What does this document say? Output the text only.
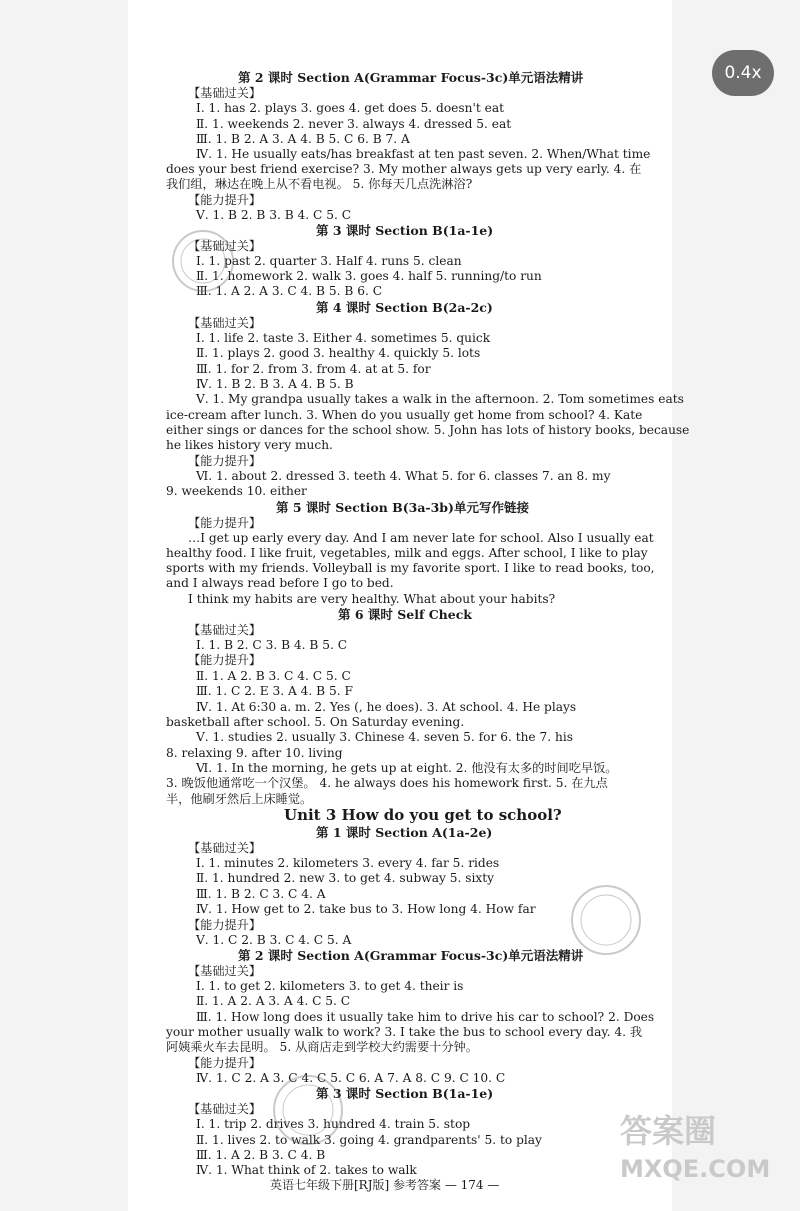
第 2 课时 Section A(Grammar Focus-3c)单元语法精讲
【基础过关】
Ⅰ. 1. has 2. plays 3. goes 4. get does 5. doesn't eat
Ⅱ. 1. weekends 2. never 3. always 4. dressed 5. eat
Ⅲ. 1. B 2. A 3. A 4. B 5. C 6. B 7. A
Ⅳ. 1. He usually eats/has breakfast at ten past seven. 2. When/What time
does your best friend exercise? 3. My mother always gets up very early. 4. 在
我们组，琳达在晚上从不看电视。 5. 你每天几点洗淋浴?
【能力提升】
Ⅴ. 1. B 2. B 3. B 4. C 5. C
第 3 课时 Section B(1a-1e)
【基础过关】
Ⅰ. 1. past 2. quarter 3. Half 4. runs 5. clean
Ⅱ. 1. homework 2. walk 3. goes 4. half 5. running/to run
Ⅲ. 1. A 2. A 3. C 4. B 5. B 6. C
第 4 课时 Section B(2a-2c)
【基础过关】
Ⅰ. 1. life 2. taste 3. Either 4. sometimes 5. quick
Ⅱ. 1. plays 2. good 3. healthy 4. quickly 5. lots
Ⅲ. 1. for 2. from 3. from 4. at at 5. for
Ⅳ. 1. B 2. B 3. A 4. B 5. B
Ⅴ. 1. My grandpa usually takes a walk in the afternoon. 2. Tom sometimes eats
ice-cream after lunch. 3. When do you usually get home from school? 4. Kate
either sings or dances for the school show. 5. John has lots of history books, because
he likes history very much.
【能力提升】
Ⅵ. 1. about 2. dressed 3. teeth 4. What 5. for 6. classes 7. an 8. my
9. weekends 10. either
第 5 课时 Section B(3a-3b)单元写作链接
【能力提升】
…I get up early every day. And I am never late for school. Also I usually eat
healthy food. I like fruit, vegetables, milk and eggs. After school, I like to play
sports with my friends. Volleyball is my favorite sport. I like to read books, too,
and I always read before I go to bed.
I think my habits are very healthy. What about your habits?
第 6 课时 Self Check
【基础过关】
Ⅰ. 1. B 2. C 3. B 4. B 5. C
【能力提升】
Ⅱ. 1. A 2. B 3. C 4. C 5. C
Ⅲ. 1. C 2. E 3. A 4. B 5. F
Ⅳ. 1. At 6:30 a. m. 2. Yes (, he does). 3. At school. 4. He plays
basketball after school. 5. On Saturday evening.
Ⅴ. 1. studies 2. usually 3. Chinese 4. seven 5. for 6. the 7. his
8. relaxing 9. after 10. living
Ⅵ. 1. In the morning, he gets up at eight. 2. 他没有太多的时间吃早饭。
3. 晚饭他通常吃一个汉堡。 4. he always does his homework first. 5. 在九点
半，他刷牙然后上床睡觉。
Unit 3 How do you get to school?
第 1 课时 Section A(1a-2e)
【基础过关】
Ⅰ. 1. minutes 2. kilometers 3. every 4. far 5. rides
Ⅱ. 1. hundred 2. new 3. to get 4. subway 5. sixty
Ⅲ. 1. B 2. C 3. C 4. A
Ⅳ. 1. How get to 2. take bus to 3. How long 4. How far
【能力提升】
Ⅴ. 1. C 2. B 3. C 4. C 5. A
第 2 课时 Section A(Grammar Focus-3c)单元语法精讲
【基础过关】
Ⅰ. 1. to get 2. kilometers 3. to get 4. their is
Ⅱ. 1. A 2. A 3. A 4. C 5. C
Ⅲ. 1. How long does it usually take him to drive his car to school? 2. Does
your mother usually walk to work? 3. I take the bus to school every day. 4. 我
阿姨乘火车去昆明。 5. 从商店走到学校大约需要十分钟。
【能力提升】
Ⅳ. 1. C 2. A 3. C 4. C 5. C 6. A 7. A 8. C 9. C 10. C
第 3 课时 Section B(1a-1e)
【基础过关】
Ⅰ. 1. trip 2. drives 3. hundred 4. train 5. stop
Ⅱ. 1. lives 2. to walk 3. going 4. grandparents' 5. to play
Ⅲ. 1. A 2. B 3. C 4. B
Ⅳ. 1. What think of 2. takes to walk
0.4x
英语七年级下册[RJ版] 参考答案 — 174 —
答案圈
MXQE.COM
